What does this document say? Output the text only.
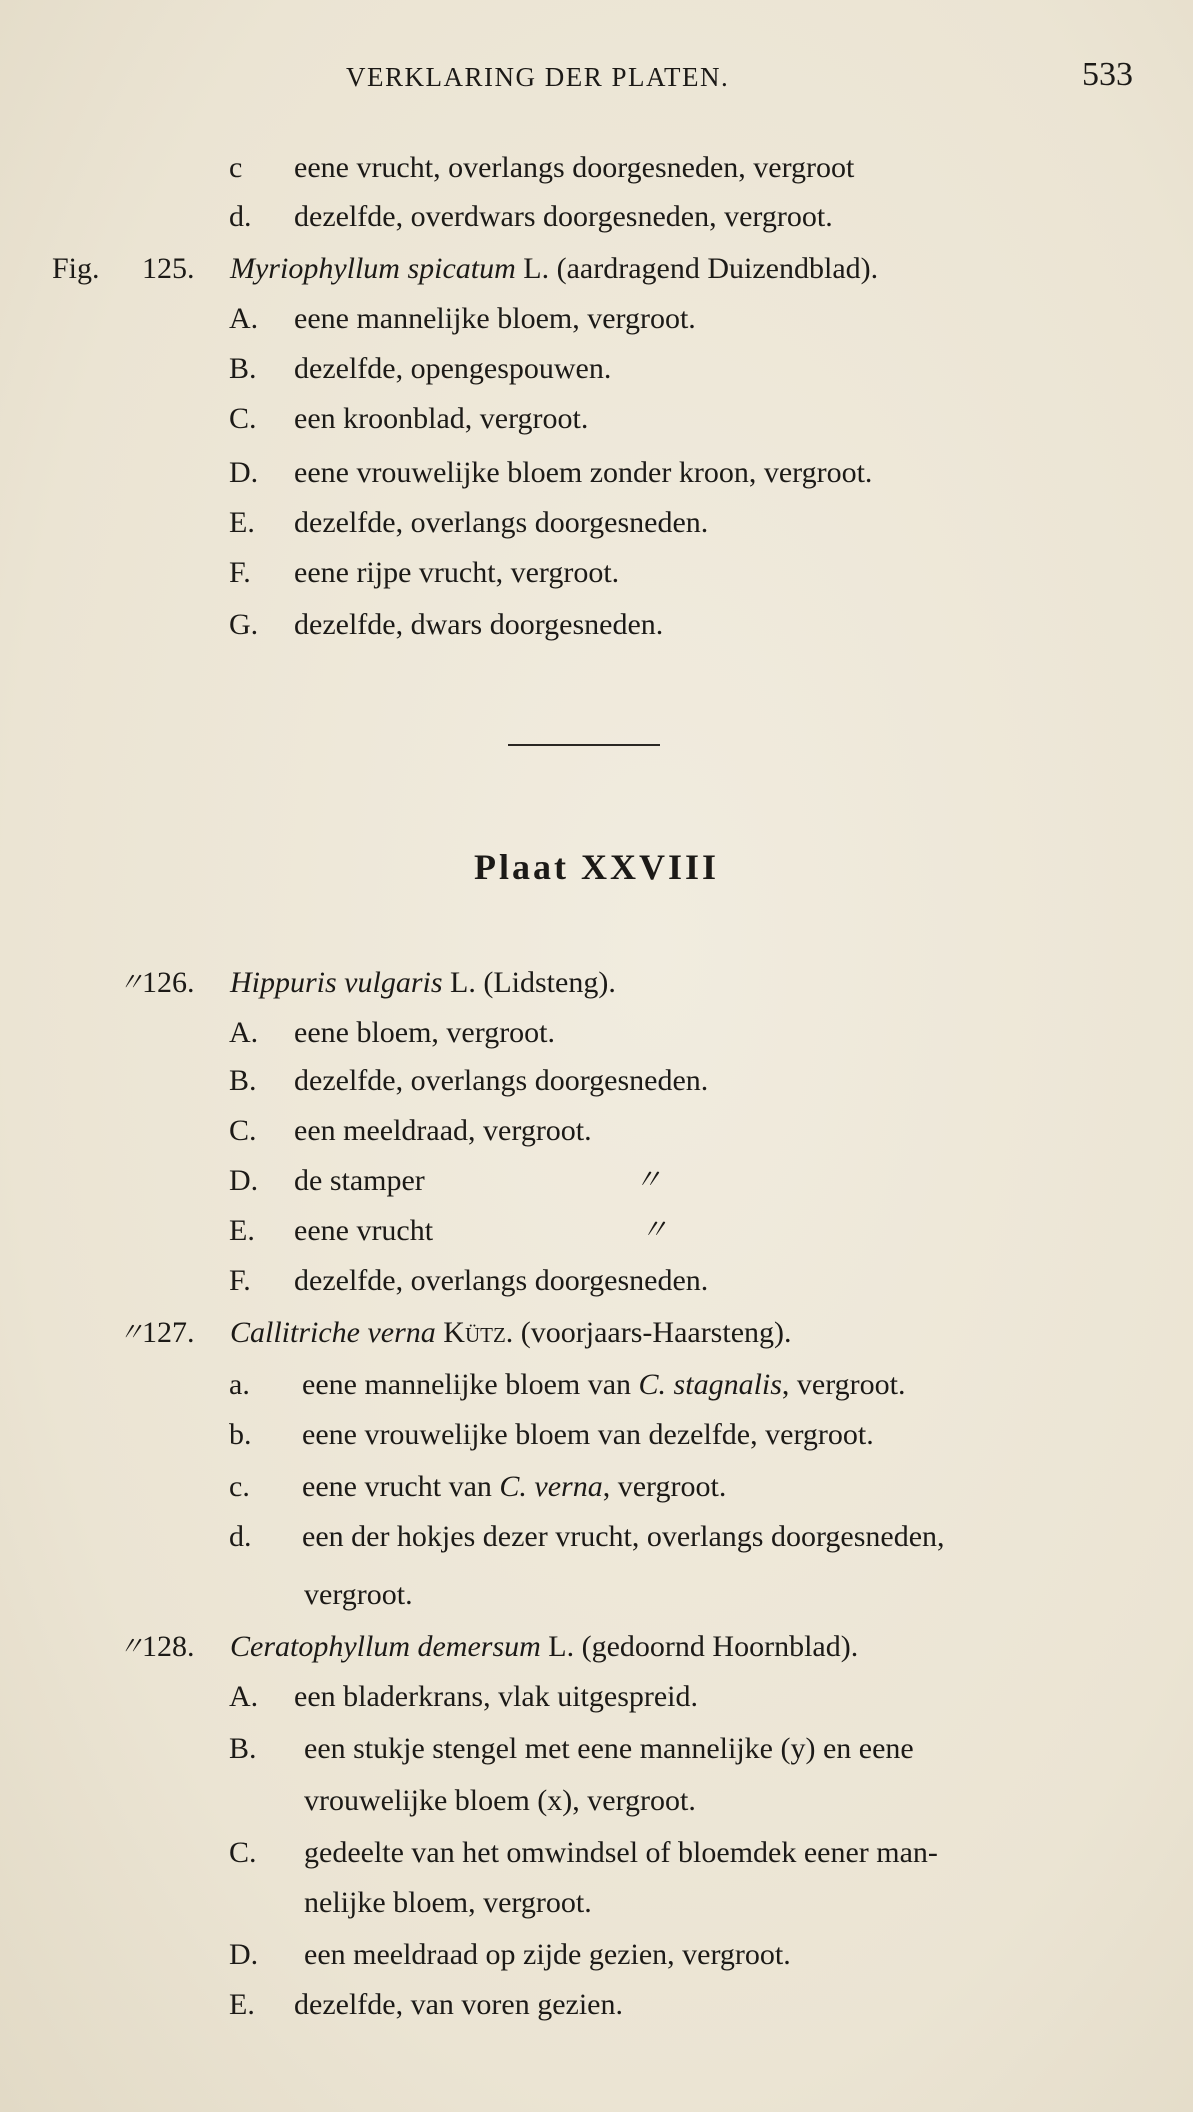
VERKLARING DER PLATEN.	533
c eene vrucht, overlangs doorgesneden, vergroot
d. dezelfde, overdwars doorgesneden, vergroot.
Fig. 125. Myriophyllum spicatum L. (aardragend Duizendblad).
A. eene mannelijke bloem, vergroot.
B. dezelfde, opengespouwen.
C. een kroonblad, vergroot.
D. eene vrouwelijke bloem zonder kroon, vergroot.
E. dezelfde, overlangs doorgesneden.
F. eene rijpe vrucht, vergroot.
G. dezelfde, dwars doorgesneden.
Plaat XXVIII
〃
126. Hippuris vulgaris L. (Lidsteng).
A. eene bloem, vergroot.
B. dezelfde, overlangs doorgesneden.
C. een meeldraad, vergroot.
D. de stamper	〃
E. eene vrucht	〃
F. dezelfde, overlangs doorgesneden.
〃
127. Callitriche verna Kütz. (voorjaars-Haarsteng).
a. eene mannelijke bloem van C. stagnalis, vergroot.
b. eene vrouwelijke bloem van dezelfde, vergroot.
c. eene vrucht van C. verna, vergroot.
d. een der hokjes dezer vrucht, overlangs doorgesneden,
vergroot.
〃
128. Ceratophyllum demersum L. (gedoornd Hoornblad).
A. een bladerkrans, vlak uitgespreid.
B. een stukje stengel met eene mannelijke (y) en eene
vrouwelijke bloem (x), vergroot.
C. gedeelte van het omwindsel of bloemdek eener man-
nelijke bloem, vergroot.
D. een meeldraad op zijde gezien, vergroot.
E. dezelfde, van voren gezien.
